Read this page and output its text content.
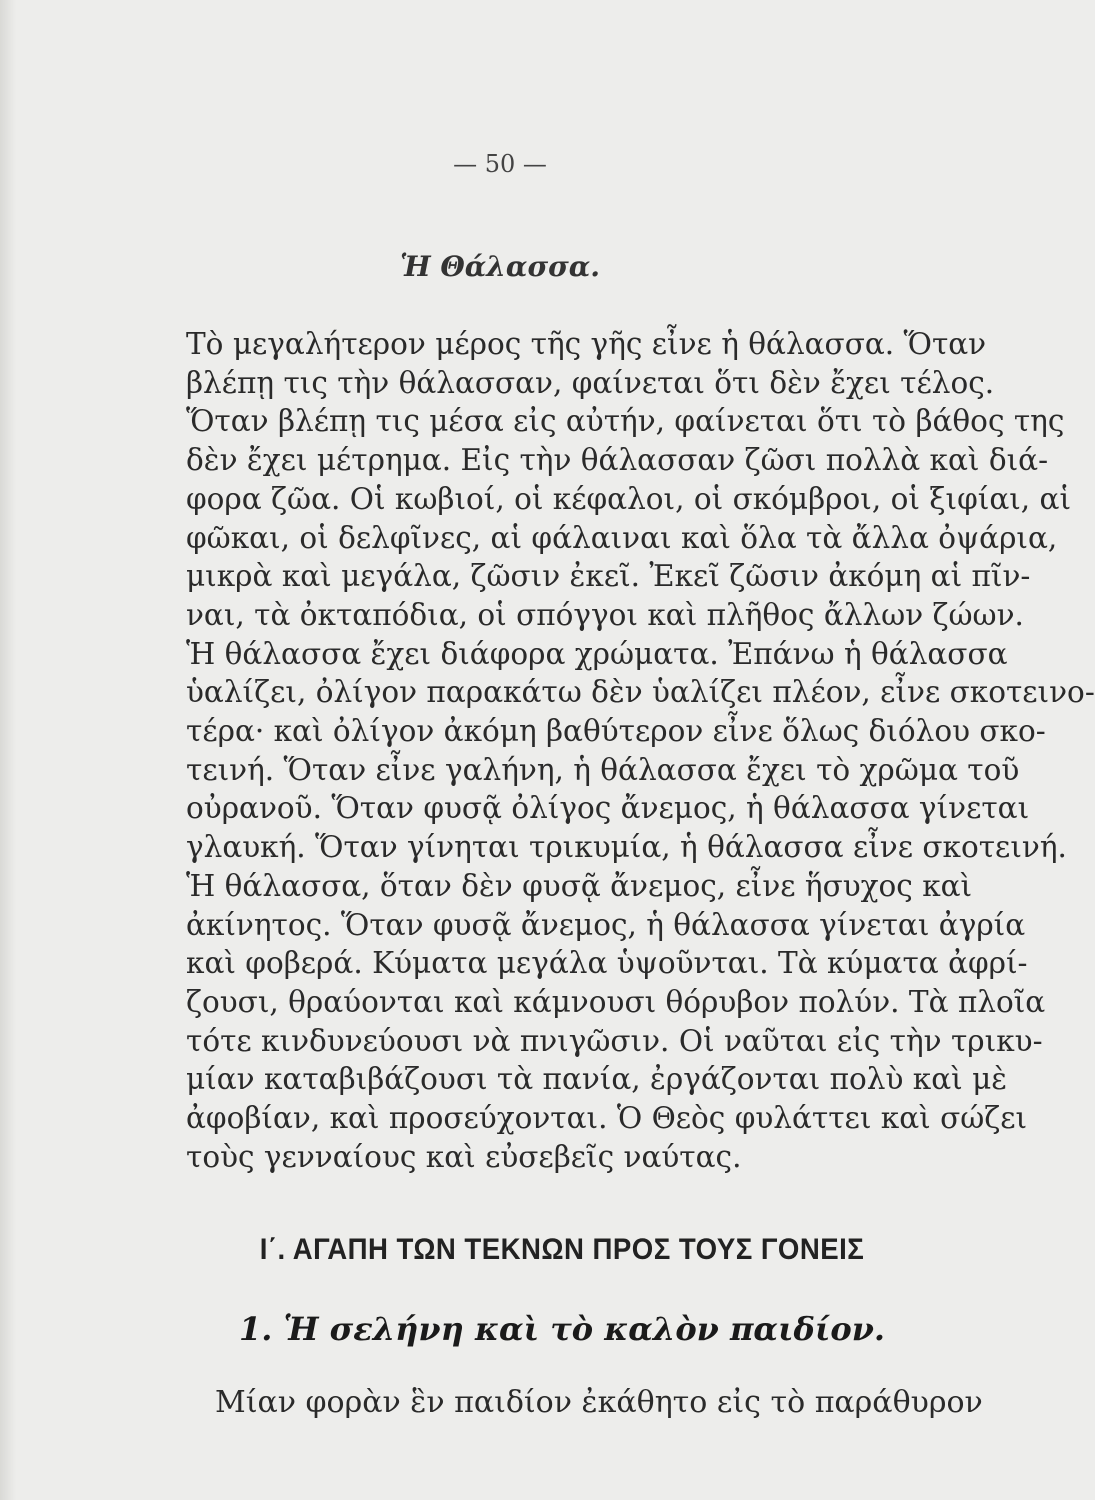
— 50 —
Ἡ Θάλασσα.
Τὸ μεγαλήτερον μέρος τῆς γῆς εἶνε ἡ θάλασσα. Ὅταν
βλέπῃ τις τὴν θάλασσαν, φαίνεται ὅτι δὲν ἔχει τέλος.
Ὅταν βλέπῃ τις μέσα εἰς αὐτήν, φαίνεται ὅτι τὸ βάθος της
δὲν ἔχει μέτρημα. Εἰς τὴν θάλασσαν ζῶσι πολλὰ καὶ διά-
φορα ζῶα. Οἱ κωβιοί, οἱ κέφαλοι, οἱ σκόμβροι, οἱ ξιφίαι, αἱ
φῶκαι, οἱ δελφῖνες, αἱ φάλαιναι καὶ ὅλα τὰ ἄλλα ὀψάρια,
μικρὰ καὶ μεγάλα, ζῶσιν ἐκεῖ. Ἐκεῖ ζῶσιν ἀκόμη αἱ πῖν-
ναι, τὰ ὀκταπόδια, οἱ σπόγγοι καὶ πλῆθος ἄλλων ζώων.
Ἡ θάλασσα ἔχει διάφορα χρώματα. Ἐπάνω ἡ θάλασσα
ὑαλίζει, ὀλίγον παρακάτω δὲν ὑαλίζει πλέον, εἶνε σκοτεινο-
τέρα· καὶ ὀλίγον ἀκόμη βαθύτερον εἶνε ὅλως διόλου σκο-
τεινή. Ὅταν εἶνε γαλήνη, ἡ θάλασσα ἔχει τὸ χρῶμα τοῦ
οὐρανοῦ. Ὅταν φυσᾷ ὀλίγος ἄνεμος, ἡ θάλασσα γίνεται
γλαυκή. Ὅταν γίνηται τρικυμία, ἡ θάλασσα εἶνε σκοτεινή.
Ἡ θάλασσα, ὅταν δὲν φυσᾷ ἄνεμος, εἶνε ἥσυχος καὶ
ἀκίνητος. Ὅταν φυσᾷ ἄνεμος, ἡ θάλασσα γίνεται ἀγρία
καὶ φοβερά. Κύματα μεγάλα ὑψοῦνται. Τὰ κύματα ἀφρί-
ζουσι, θραύονται καὶ κάμνουσι θόρυβον πολύν. Τὰ πλοῖα
τότε κινδυνεύουσι νὰ πνιγῶσιν. Οἱ ναῦται εἰς τὴν τρικυ-
μίαν καταβιβάζουσι τὰ πανία, ἐργάζονται πολὺ καὶ μὲ
ἀφοβίαν, καὶ προσεύχονται. Ὁ Θεὸς φυλάττει καὶ σώζει
τοὺς γενναίους καὶ εὐσεβεῖς ναύτας.
Ι΄. ΑΓΑΠΗ ΤΩΝ ΤΕΚΝΩΝ ΠΡΟΣ ΤΟΥΣ ΓΟΝΕΙΣ
1. Ἡ σελήνη καὶ τὸ καλὸν παιδίον.
Μίαν φορὰν ἓν παιδίον ἐκάθητο εἰς τὸ παράθυρον
